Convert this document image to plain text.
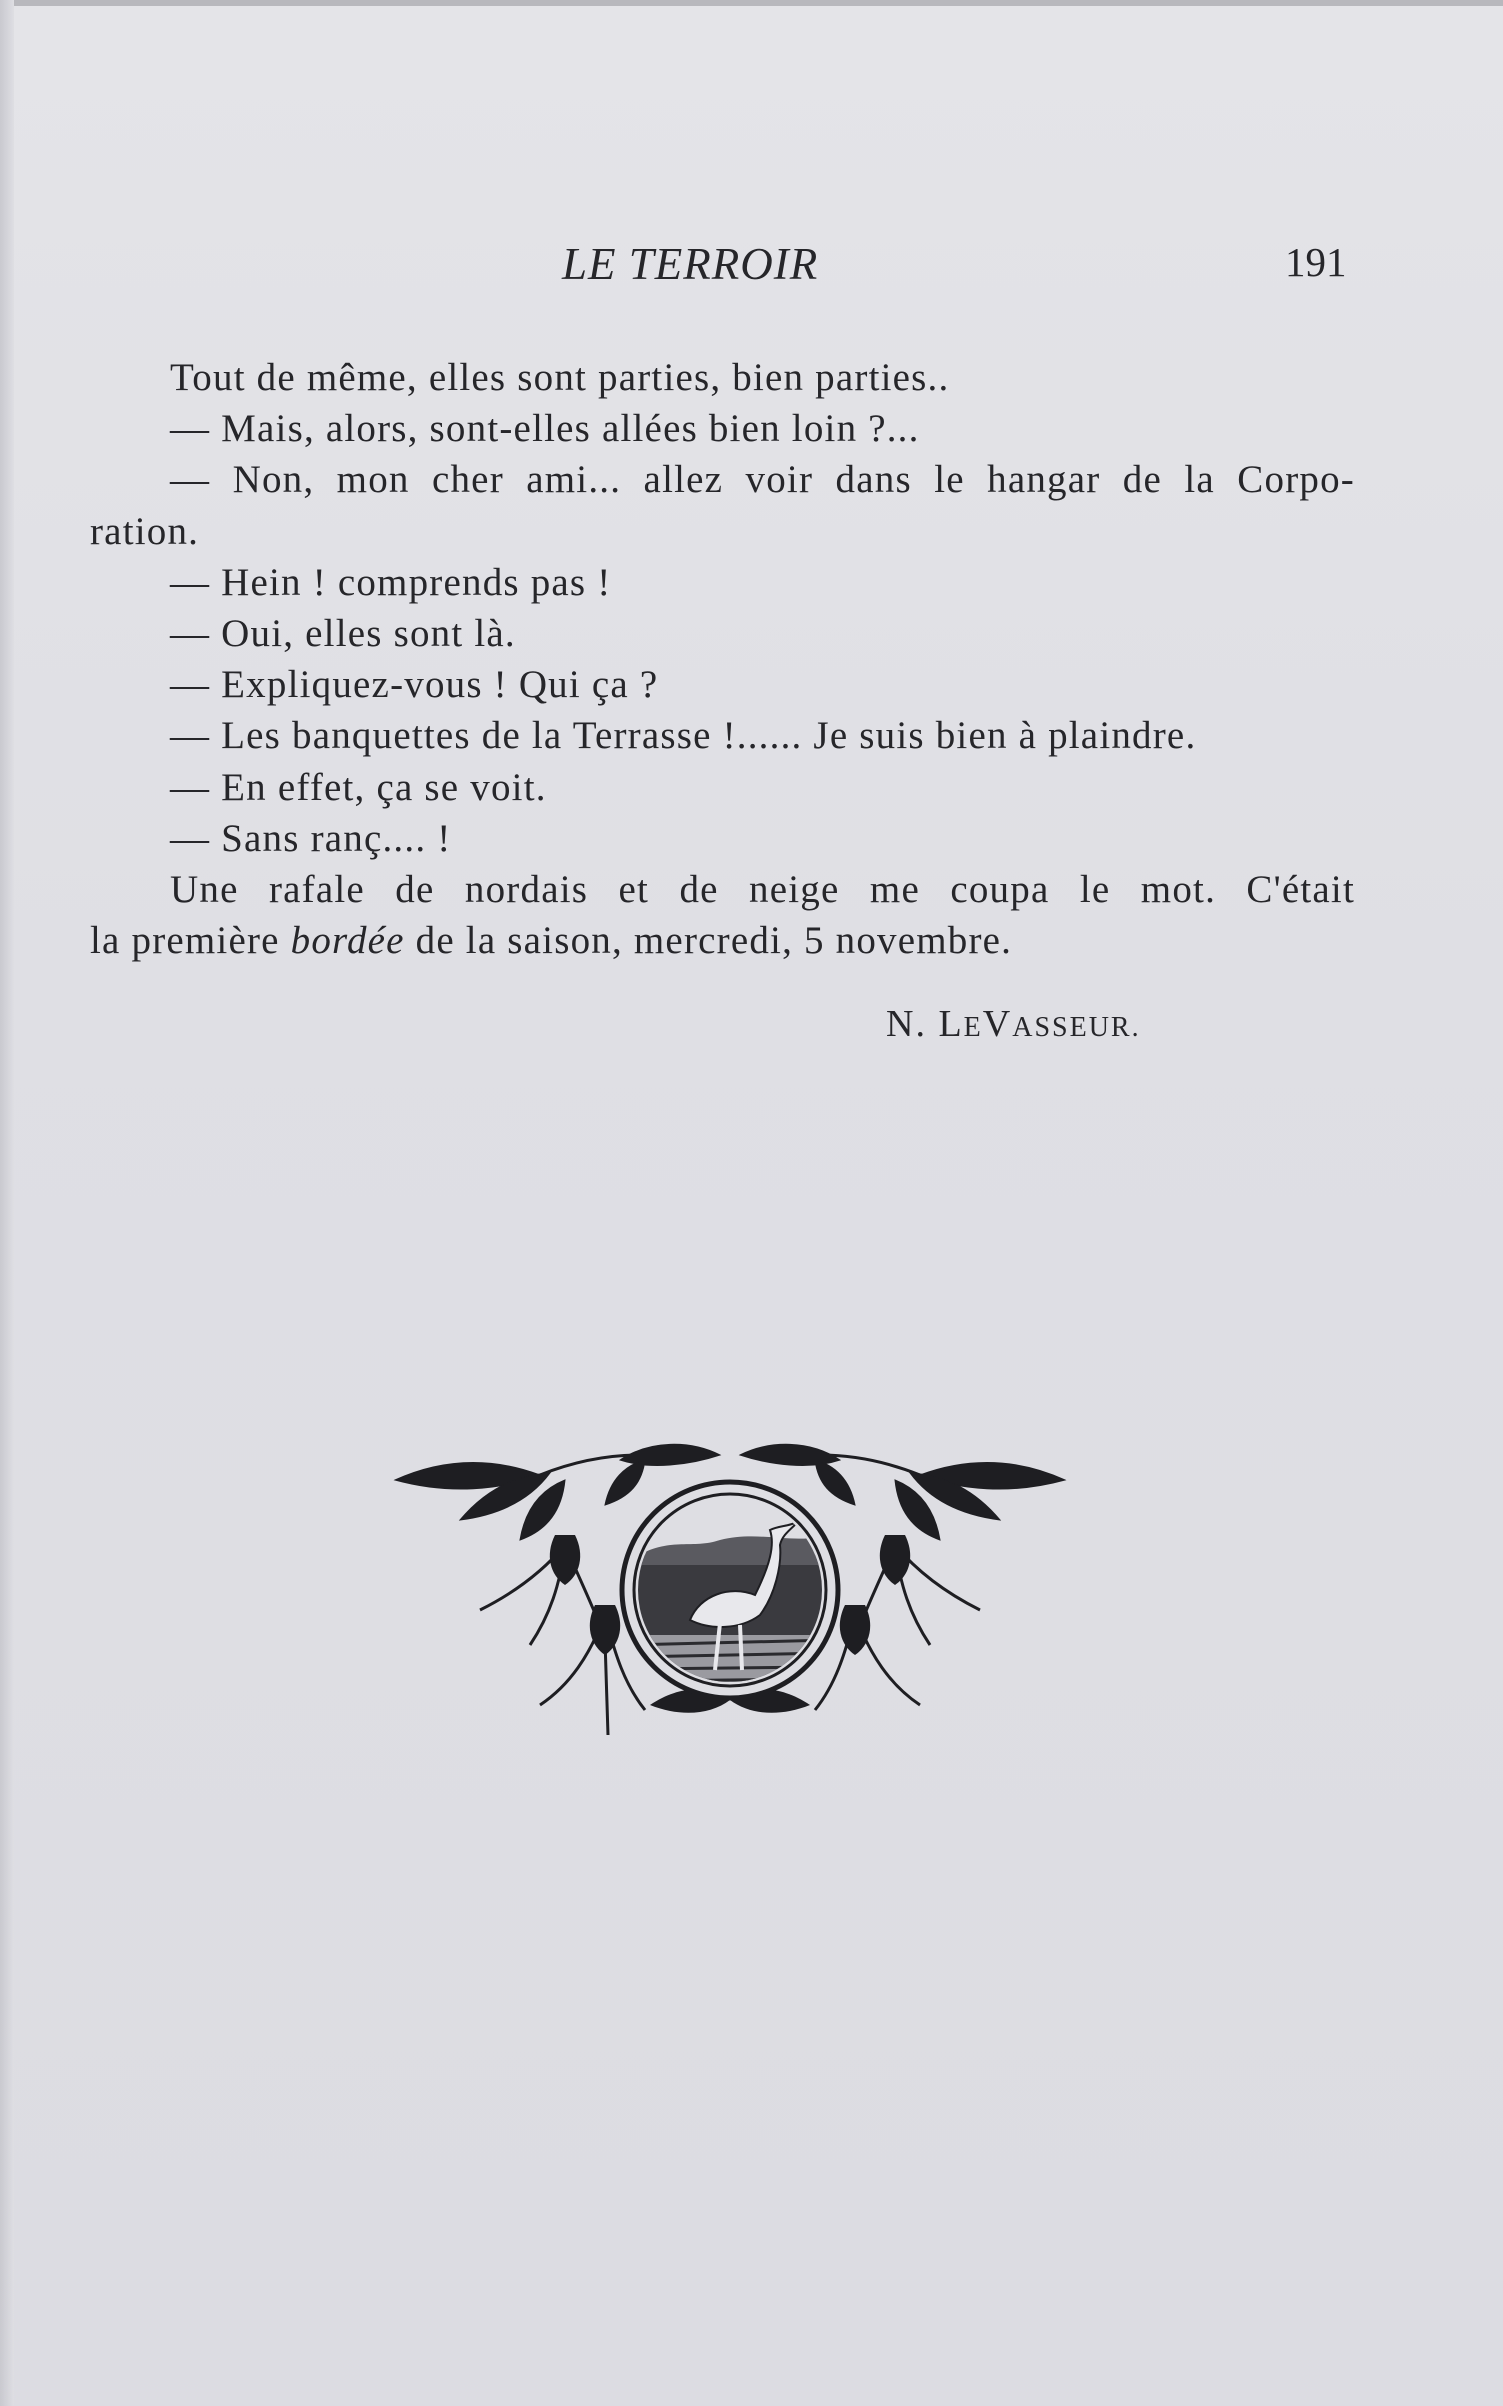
LE TERROIR	191

Tout de même, elles sont parties, bien parties..

— Mais, alors, sont-elles allées bien loin ?...

— Non, mon cher ami... allez voir dans le hangar de la Corpo-

ration.

— Hein ! comprends pas !

— Oui, elles sont là.

— Expliquez-vous ! Qui ça ?

— Les banquettes de la Terrasse !...... Je suis bien à plaindre.

— En effet, ça se voit.

— Sans ranç.... !

Une rafale de nordais et de neige me coupa le mot. C'était

la première bordée de la saison, mercredi, 5 novembre.

N. LEVASSEUR.
